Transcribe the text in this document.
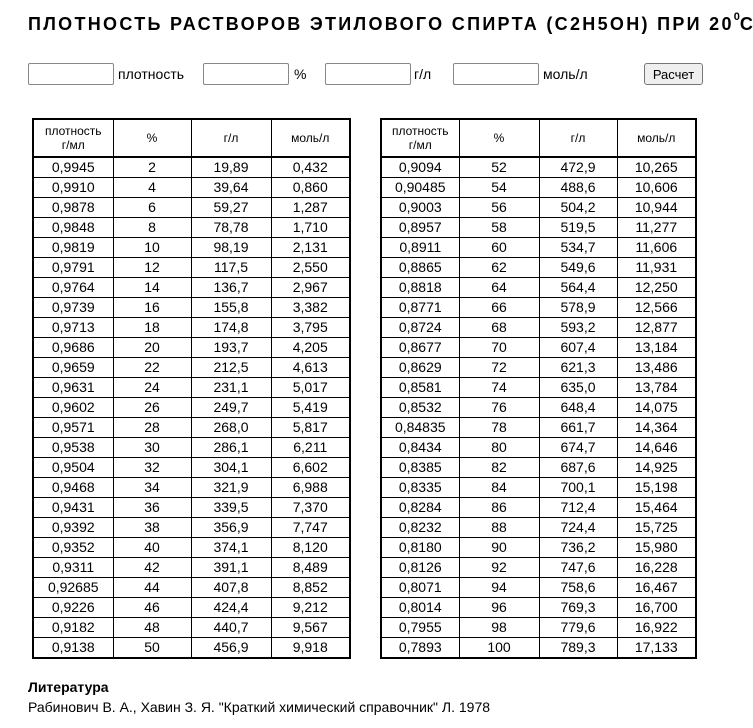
ПЛОТНОСТЬ РАСТВОРОВ ЭТИЛОВОГО СПИРТА (C2H5OH) ПРИ $20^0С$
плотность	%	г/л	моль/л	Расчет
плотность
г/мл	%	г/л	моль/л
0,9945	2	19,89	0,432
0,9910	4	39,64	0,860
0,9878	6	59,27	1,287
0,9848	8	78,78	1,710
0,9819	10	98,19	2,131
0,9791	12	117,5	2,550
0,9764	14	136,7	2,967
0,9739	16	155,8	3,382
0,9713	18	174,8	3,795
0,9686	20	193,7	4,205
0,9659	22	212,5	4,613
0,9631	24	231,1	5,017
0,9602	26	249,7	5,419
0,9571	28	268,0	5,817
0,9538	30	286,1	6,211
0,9504	32	304,1	6,602
0,9468	34	321,9	6,988
0,9431	36	339,5	7,370
0,9392	38	356,9	7,747
0,9352	40	374,1	8,120
0,9311	42	391,1	8,489
0,92685	44	407,8	8,852
0,9226	46	424,4	9,212
0,9182	48	440,7	9,567
0,9138	50	456,9	9,918
плотность
г/мл	%	г/л	моль/л
0,9094	52	472,9	10,265
0,90485	54	488,6	10,606
0,9003	56	504,2	10,944
0,8957	58	519,5	11,277
0,8911	60	534,7	11,606
0,8865	62	549,6	11,931
0,8818	64	564,4	12,250
0,8771	66	578,9	12,566
0,8724	68	593,2	12,877
0,8677	70	607,4	13,184
0,8629	72	621,3	13,486
0,8581	74	635,0	13,784
0,8532	76	648,4	14,075
0,84835	78	661,7	14,364
0,8434	80	674,7	14,646
0,8385	82	687,6	14,925
0,8335	84	700,1	15,198
0,8284	86	712,4	15,464
0,8232	88	724,4	15,725
0,8180	90	736,2	15,980
0,8126	92	747,6	16,228
0,8071	94	758,6	16,467
0,8014	96	769,3	16,700
0,7955	98	779,6	16,922
0,7893	100	789,3	17,133
Литература
Рабинович В. А., Хавин З. Я. "Краткий химический справочник" Л. 1978
